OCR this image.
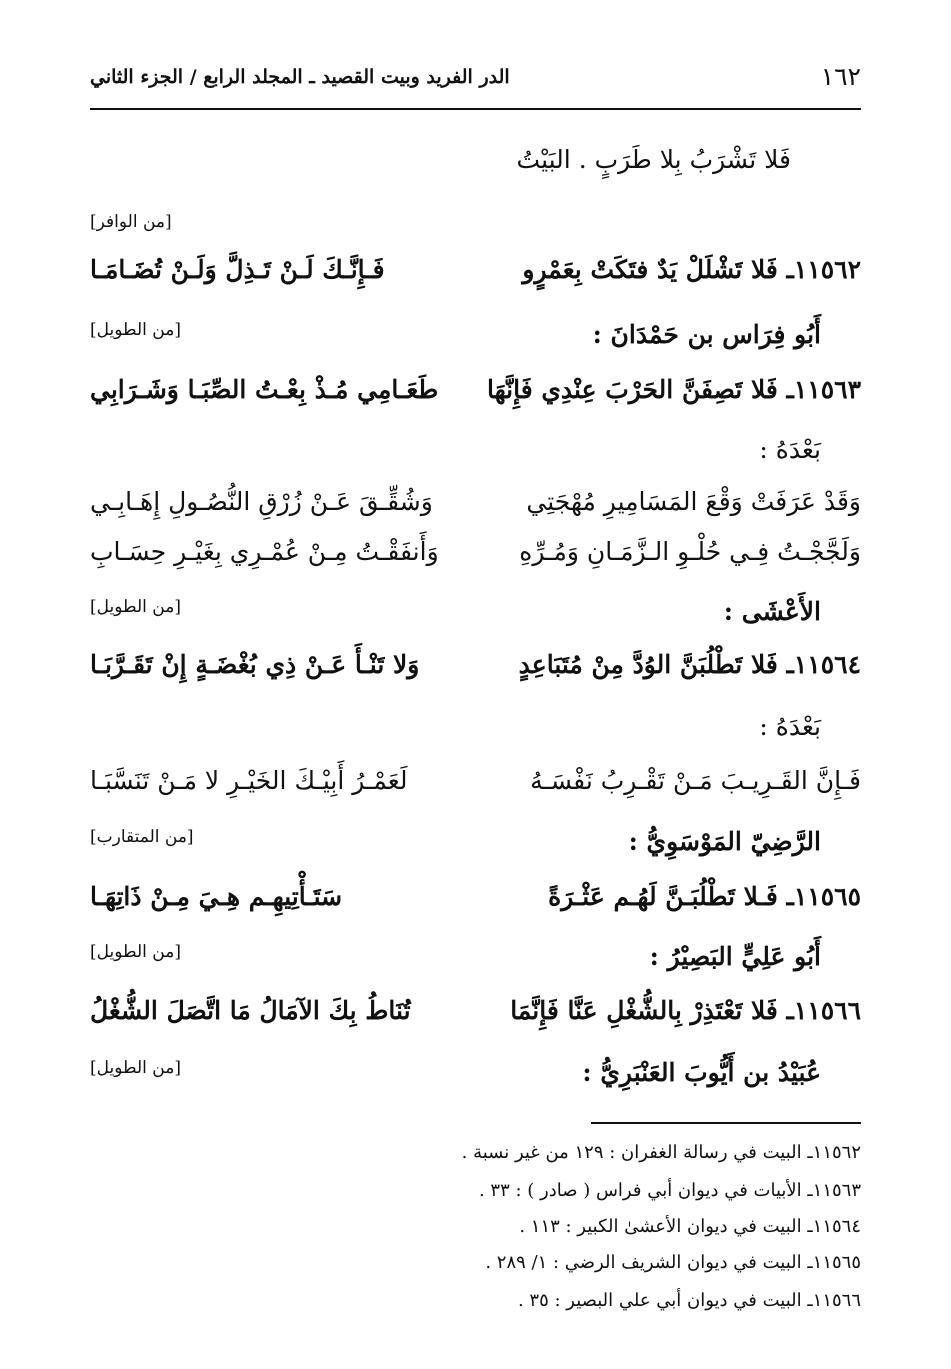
١٦٢
الدر الفريد وبيت القصيد ـ المجلد الرابع / الجزء الثاني
فَلا تَشْرَبُ بِلا طَرَبٍ . البَيْتُ
[من الوافر]
١١٥٦٢ـ فَلا تَشْلَلْ يَدٌ فتَكَتْ بِعَمْرٍو
فَـإِنَّـكَ لَـنْ تَـذِلَّ وَلَـنْ تُضَـامَـا
أَبُو فِرَاس بن حَمْدَانَ :
[من الطويل]
١١٥٦٣ـ فَلا تَصِفَنَّ الحَرْبَ عِنْدِي فَإِنَّهَا
طَعَـامِي مُـذْ بِعْـتُ الصِّبَـا وَشَـرَابِي
بَعْدَهُ :
وَقَدْ عَرَفَتْ وَقْعَ المَسَامِيرِ مُهْجَتِي
وَشُقِّـقَ عَـنْ زُرْقِ النُّصُـولِ إِهَـابِـي
وَلَجَّجْـتُ فِـي حُلْـوِ الـزَّمَـانِ وَمُـرِّهِ
وَأَنفَقْـتُ مِـنْ عُمْـرِي بِغَيْـرِ حِسَـابِ
الأَعْشَى :
[من الطويل]
١١٥٦٤ـ فَلا تَطْلُبَنَّ الوُدَّ مِنْ مُتَبَاعِدٍ
وَلا تَنْـأَ عَـنْ ذِي بُغْضَـةٍ إِنْ تَقَـرَّبَـا
بَعْدَهُ :
فَـإِنَّ القَـرِيـبَ مَـنْ تَقْـرِبُ نَفْسَـهُ
لَعَمْـرُ أَبِيْـكَ الخَيْـرِ لا مَـنْ تَنَسَّبَـا
الرَّضِيّ المَوْسَوِيُّ :
[من المتقارب]
١١٥٦٥ـ فَـلا تَطْلُبَـنَّ لَهُـم عَثْـرَةً
سَتَـأْتِيهِـم هِـيَ مِـنْ ذَاتِهَـا
أَبُو عَلِيٍّ البَصِيْرُ :
[من الطويل]
١١٥٦٦ـ فَلا تَعْتَذِرْ بِالشُّغْلِ عَنَّا فَإِنَّمَا
تُنَاطُ بِكَ الآمَالُ مَا اتَّصَلَ الشُّغْلُ
عُبَيْدُ بن أَيُّوبَ العَنْبَرِيُّ :
[من الطويل]
١١٥٦٢ـ البيت في رسالة الغفران : ١٢٩ من غير نسبة .
١١٥٦٣ـ الأبيات في ديوان أبي فراس ( صادر ) : ٣٣ .
١١٥٦٤ـ البيت في ديوان الأعشىٰ الكبير : ١١٣ .
١١٥٦٥ـ البيت في ديوان الشريف الرضي : ١/ ٢٨٩ .
١١٥٦٦ـ البيت في ديوان أبي علي البصير : ٣٥ .
